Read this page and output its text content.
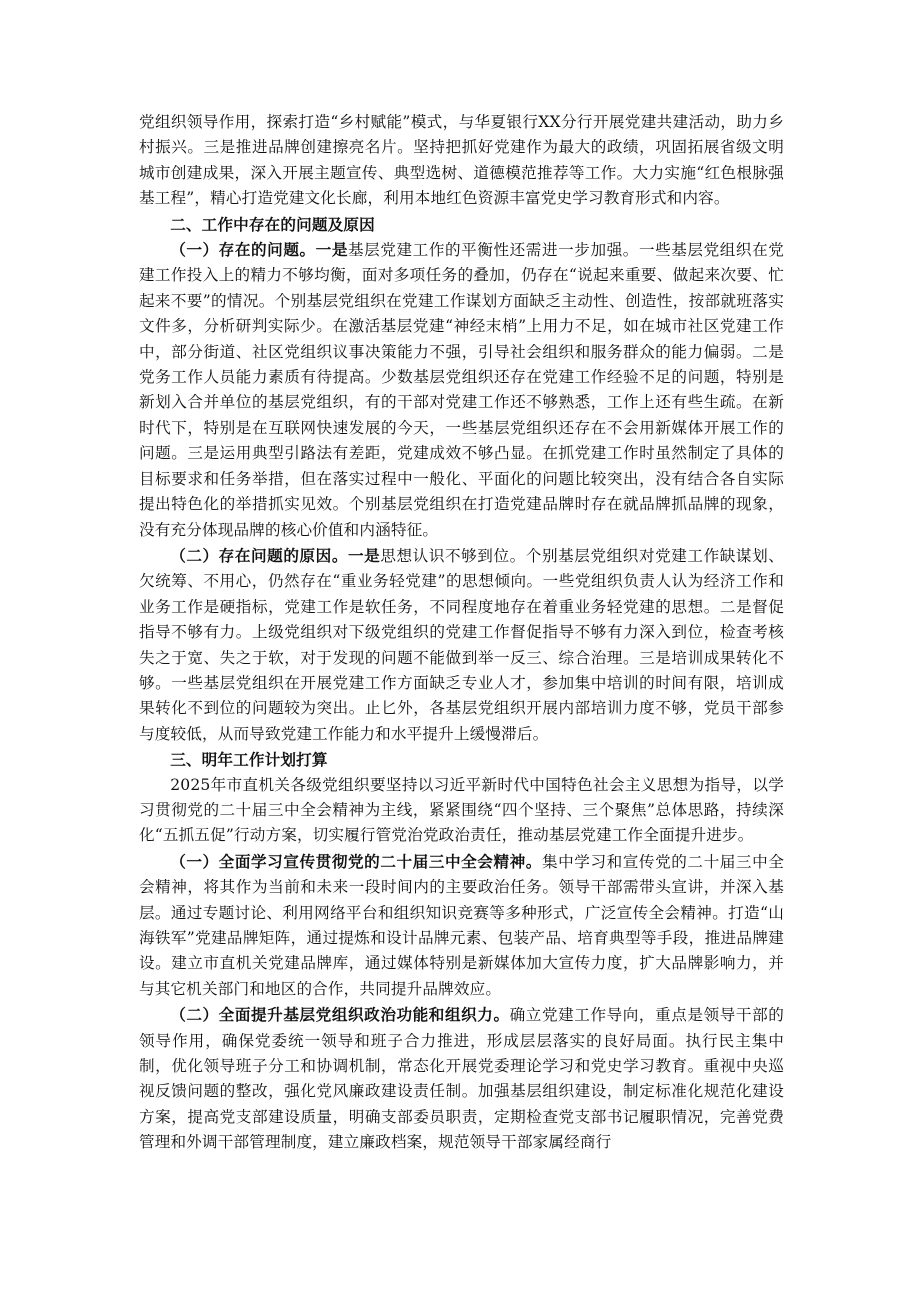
党组织领导作用，探索打造“乡村赋能”模式，与华夏银行XX分行开展党建共建活动，助力乡村振兴。三是推进品牌创建擦亮名片。坚持把抓好党建作为最大的政绩，巩固拓展省级文明城市创建成果，深入开展主题宣传、典型选树、道德模范推荐等工作。大力实施“红色根脉强基工程”，精心打造党建文化长廊，利用本地红色资源丰富党史学习教育形式和内容。

二、工作中存在的问题及原因

（一）存在的问题。一是基层党建工作的平衡性还需进一步加强。一些基层党组织在党建工作投入上的精力不够均衡，面对多项任务的叠加，仍存在“说起来重要、做起来次要、忙起来不要”的情况。个别基层党组织在党建工作谋划方面缺乏主动性、创造性，按部就班落实文件多，分析研判实际少。在激活基层党建“神经末梢”上用力不足，如在城市社区党建工作中，部分街道、社区党组织议事决策能力不强，引导社会组织和服务群众的能力偏弱。二是党务工作人员能力素质有待提高。少数基层党组织还存在党建工作经验不足的问题，特别是新划入合并单位的基层党组织，有的干部对党建工作还不够熟悉，工作上还有些生疏。在新时代下，特别是在互联网快速发展的今天，一些基层党组织还存在不会用新媒体开展工作的问题。三是运用典型引路法有差距，党建成效不够凸显。在抓党建工作时虽然制定了具体的目标要求和任务举措，但在落实过程中一般化、平面化的问题比较突出，没有结合各自实际提出特色化的举措抓实见效。个别基层党组织在打造党建品牌时存在就品牌抓品牌的现象，没有充分体现品牌的核心价值和内涵特征。

（二）存在问题的原因。一是思想认识不够到位。个别基层党组织对党建工作缺谋划、欠统筹、不用心，仍然存在“重业务轻党建”的思想倾向。一些党组织负责人认为经济工作和业务工作是硬指标，党建工作是软任务，不同程度地存在着重业务轻党建的思想。二是督促指导不够有力。上级党组织对下级党组织的党建工作督促指导不够有力深入到位，检查考核失之于宽、失之于软，对于发现的问题不能做到举一反三、综合治理。三是培训成果转化不够。一些基层党组织在开展党建工作方面缺乏专业人才，参加集中培训的时间有限，培训成果转化不到位的问题较为突出。止匕外，各基层党组织开展内部培训力度不够，党员干部参与度较低，从而导致党建工作能力和水平提升上缓慢滞后。

三、明年工作计划打算

2025年市直机关各级党组织要坚持以习近平新时代中国特色社会主义思想为指导，以学习贯彻党的二十届三中全会精神为主线，紧紧围绕“四个坚持、三个聚焦”总体思路，持续深化“五抓五促”行动方案，切实履行管党治党政治责任，推动基层党建工作全面提升进步。

（一）全面学习宣传贯彻党的二十届三中全会精神。集中学习和宣传党的二十届三中全会精神，将其作为当前和未来一段时间内的主要政治任务。领导干部需带头宣讲，并深入基层。通过专题讨论、利用网络平台和组织知识竞赛等多种形式，广泛宣传全会精神。打造“山海铁军”党建品牌矩阵，通过提炼和设计品牌元素、包装产品、培育典型等手段，推进品牌建设。建立市直机关党建品牌库，通过媒体特别是新媒体加大宣传力度，扩大品牌影响力，并与其它机关部门和地区的合作，共同提升品牌效应。

（二）全面提升基层党组织政治功能和组织力。确立党建工作导向，重点是领导干部的领导作用，确保党委统一领导和班子合力推进，形成层层落实的良好局面。执行民主集中制，优化领导班子分工和协调机制，常态化开展党委理论学习和党史学习教育。重视中央巡视反馈问题的整改，强化党风廉政建设责任制。加强基层组织建设，制定标准化规范化建设方案，提高党支部建设质量，明确支部委员职责，定期检查党支部书记履职情况，完善党费管理和外调干部管理制度，建立廉政档案，规范领导干部家属经商行
